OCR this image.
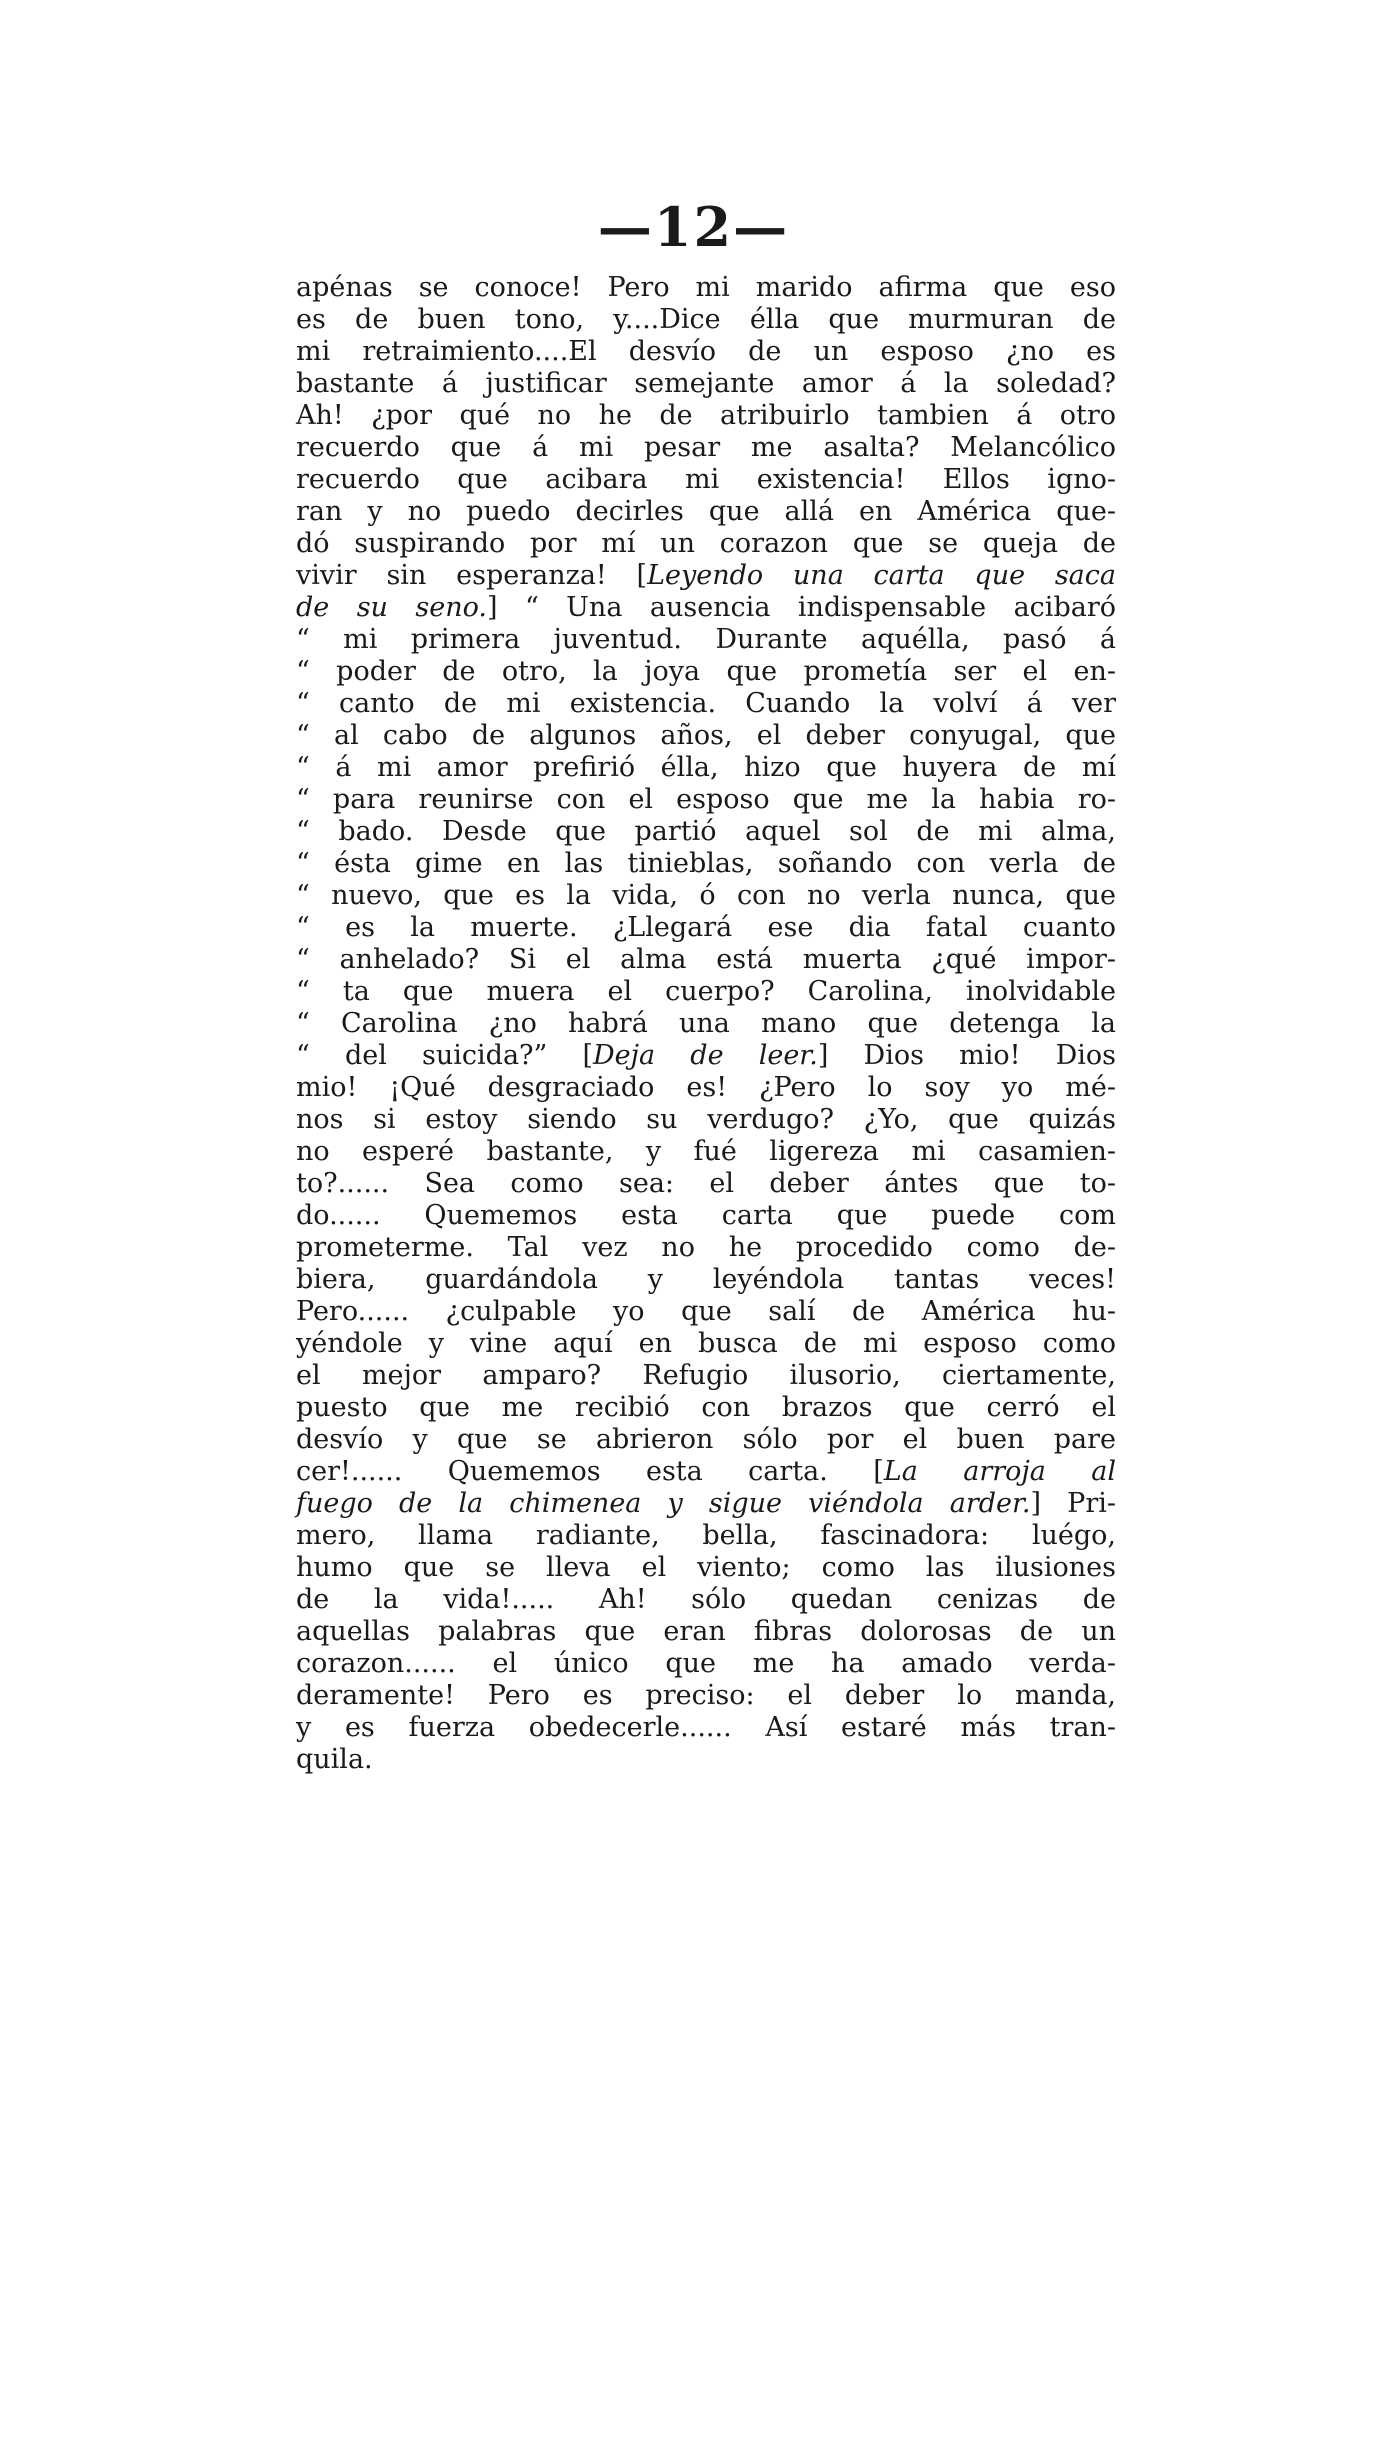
—12—
apénas se conoce! Pero mi marido afirma que eso
es de buen tono, y....Dice élla que murmuran de
mi retraimiento....El desvío de un esposo ¿no es
bastante á justificar semejante amor á la soledad?
Ah! ¿por qué no he de atribuirlo tambien á otro
recuerdo que á mi pesar me asalta? Melancólico
recuerdo que acibara mi existencia! Ellos igno-
ran y no puedo decirles que allá en América que-
dó suspirando por mí un corazon que se queja de
vivir sin esperanza! [Leyendo una carta que saca
de su seno.] “ Una ausencia indispensable acibaró
“ mi primera juventud. Durante aquélla, pasó á
“ poder de otro, la joya que prometía ser el en-
“ canto de mi existencia. Cuando la volví á ver
“ al cabo de algunos años, el deber conyugal, que
“ á mi amor prefirió élla, hizo que huyera de mí
“ para reunirse con el esposo que me la habia ro-
“ bado. Desde que partió aquel sol de mi alma,
“ ésta gime en las tinieblas, soñando con verla de
“ nuevo, que es la vida, ó con no verla nunca, que
“ es la muerte. ¿Llegará ese dia fatal cuanto
“ anhelado? Si el alma está muerta ¿qué impor-
“ ta que muera el cuerpo? Carolina, inolvidable
“ Carolina ¿no habrá una mano que detenga la
“ del suicida?” [Deja de leer.] Dios mio! Dios
mio! ¡Qué desgraciado es! ¿Pero lo soy yo mé-
nos si estoy siendo su verdugo? ¿Yo, que quizás
no esperé bastante, y fué ligereza mi casamien-
to?...... Sea como sea: el deber ántes que to-
do...... Quememos esta carta que puede com
prometerme. Tal vez no he procedido como de-
biera, guardándola y leyéndola tantas veces!
Pero...... ¿culpable yo que salí de América hu-
yéndole y vine aquí en busca de mi esposo como
el mejor amparo? Refugio ilusorio, ciertamente,
puesto que me recibió con brazos que cerró el
desvío y que se abrieron sólo por el buen pare
cer!...... Quememos esta carta. [La arroja al
fuego de la chimenea y sigue viéndola arder.] Pri-
mero, llama radiante, bella, fascinadora: luégo,
humo que se lleva el viento; como las ilusiones
de la vida!..... Ah! sólo quedan cenizas de
aquellas palabras que eran fibras dolorosas de un
corazon...... el único que me ha amado verda-
deramente! Pero es preciso: el deber lo manda,
y es fuerza obedecerle...... Así estaré más tran-
quila.
